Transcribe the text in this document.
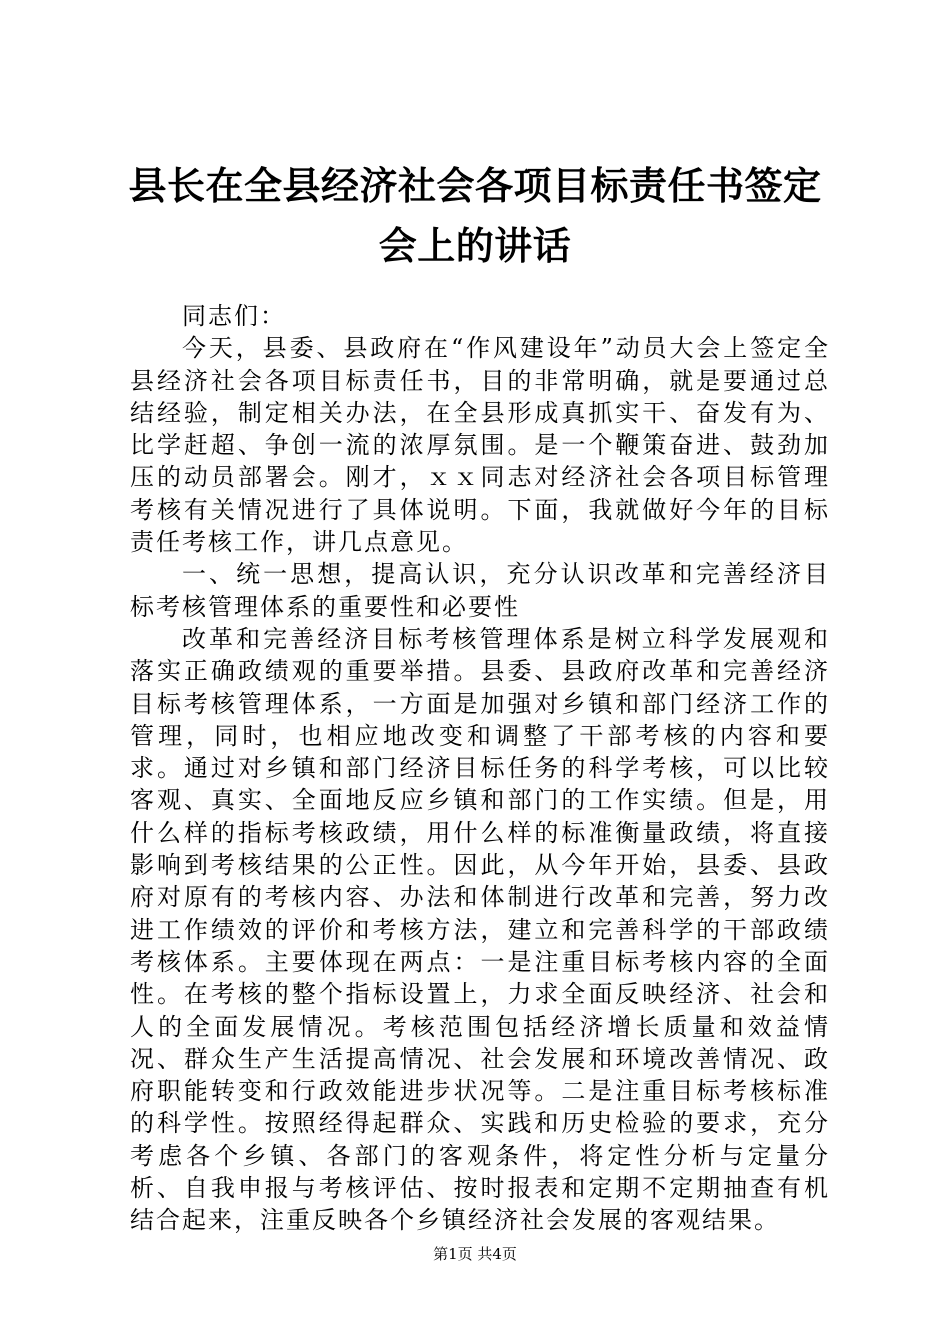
县长在全县经济社会各项目标责任书签定会上的讲话

同志们：

今天，县委、县政府在“作风建设年”动员大会上签定全县经济社会各项目标责任书，目的非常明确，就是要通过总结经验，制定相关办法，在全县形成真抓实干、奋发有为、比学赶超、争创一流的浓厚氛围。是一个鞭策奋进、鼓劲加压的动员部署会。刚才，ｘｘ同志对经济社会各项目标管理考核有关情况进行了具体说明。下面，我就做好今年的目标责任考核工作，讲几点意见。

一、统一思想，提高认识，充分认识改革和完善经济目标考核管理体系的重要性和必要性

改革和完善经济目标考核管理体系是树立科学发展观和落实正确政绩观的重要举措。县委、县政府改革和完善经济目标考核管理体系，一方面是加强对乡镇和部门经济工作的管理，同时，也相应地改变和调整了干部考核的内容和要求。通过对乡镇和部门经济目标任务的科学考核，可以比较客观、真实、全面地反应乡镇和部门的工作实绩。但是，用什么样的指标考核政绩，用什么样的标准衡量政绩，将直接影响到考核结果的公正性。因此，从今年开始，县委、县政府对原有的考核内容、办法和体制进行改革和完善，努力改进工作绩效的评价和考核方法，建立和完善科学的干部政绩考核体系。主要体现在两点：一是注重目标考核内容的全面性。在考核的整个指标设置上，力求全面反映经济、社会和人的全面发展情况。考核范围包括经济增长质量和效益情况、群众生产生活提高情况、社会发展和环境改善情况、政府职能转变和行政效能进步状况等。二是注重目标考核标准的科学性。按照经得起群众、实践和历史检验的要求，充分考虑各个乡镇、各部门的客观条件，将定性分析与定量分析、自我申报与考核评估、按时报表和定期不定期抽查有机结合起来，注重反映各个乡镇经济社会发展的客观结果。

第1页 共4页
